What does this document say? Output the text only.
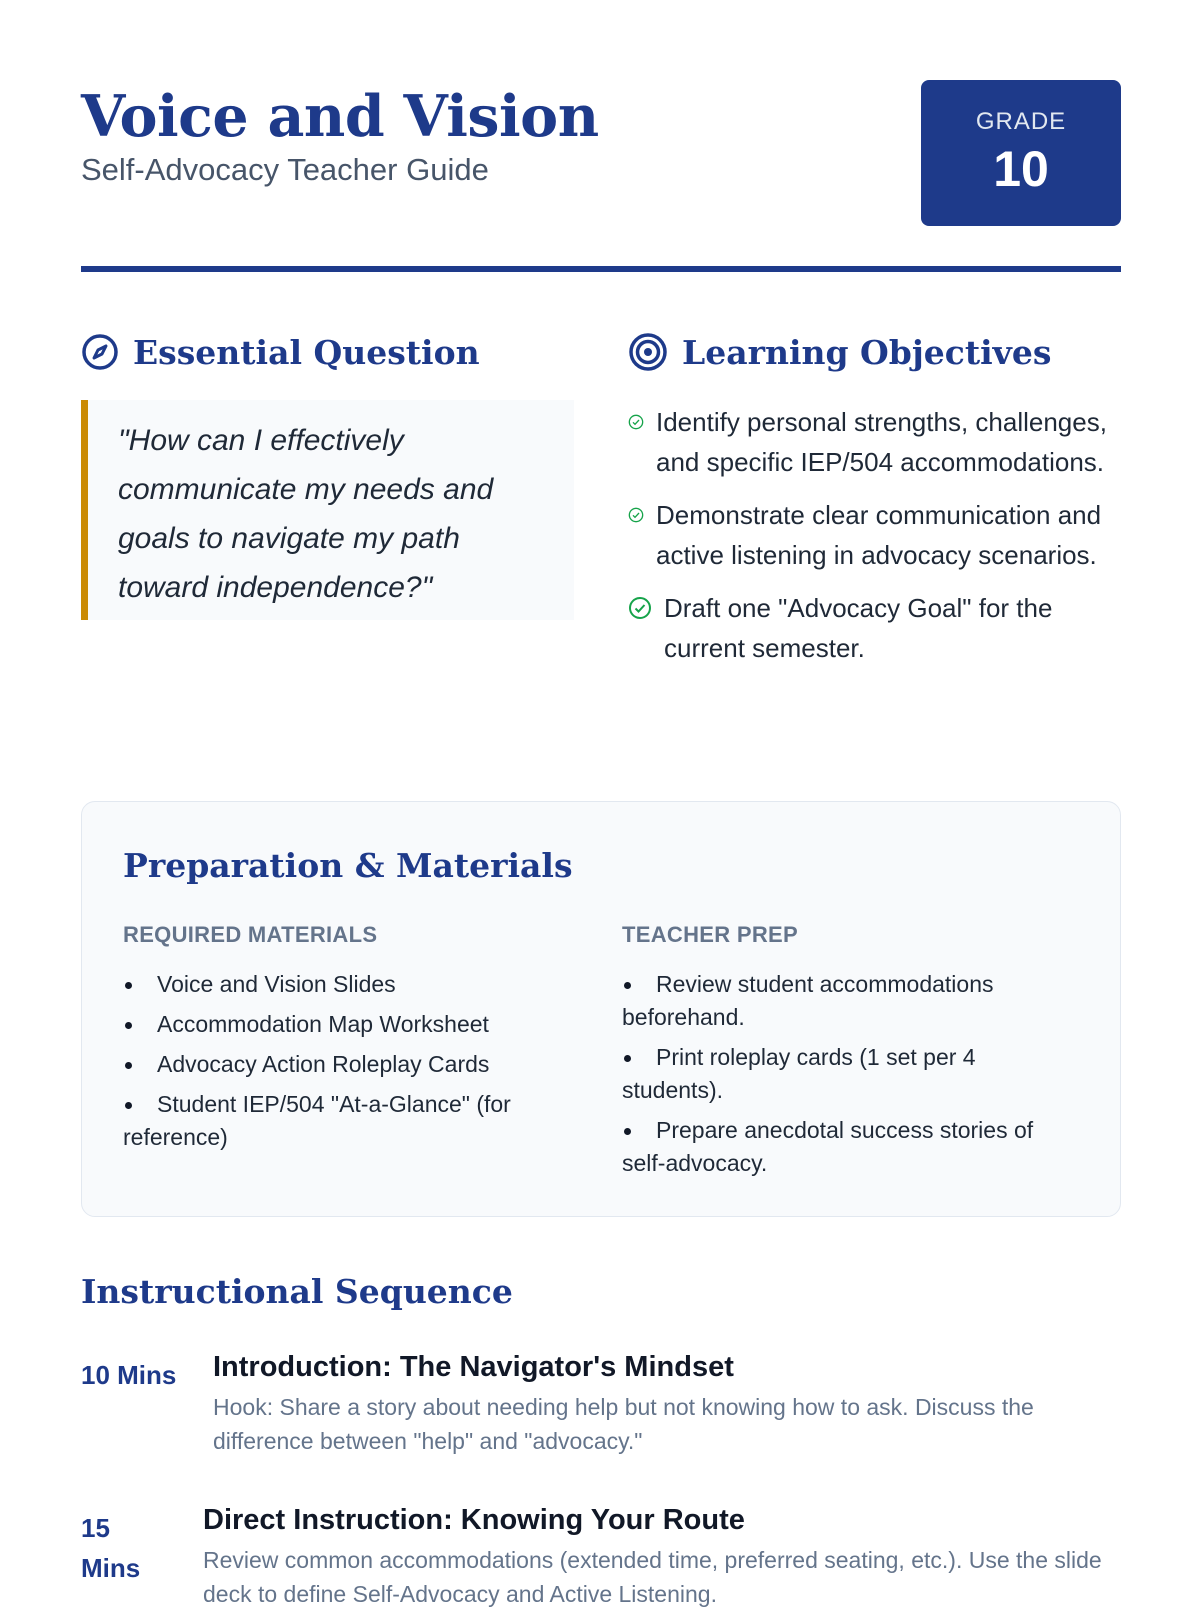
Voice and Vision
Self-Advocacy Teacher Guide
GRADE
10
Essential Question
"How can I effectively communicate my needs and goals to navigate my path toward independence?"
Learning Objectives
Identify personal strengths, challenges, and specific IEP/504 accommodations.
Demonstrate clear communication and active listening in advocacy scenarios.
Draft one "Advocacy Goal" for the current semester.
Preparation & Materials
REQUIRED MATERIALS
Voice and Vision Slides
Accommodation Map Worksheet
Advocacy Action Roleplay Cards
Student IEP/504 "At-a-Glance" (for reference)
TEACHER PREP
Review student accommodations beforehand.
Print roleplay cards (1 set per 4 students).
Prepare anecdotal success stories of self-advocacy.
Instructional Sequence
10 Mins Introduction: The Navigator's Mindset
Hook: Share a story about needing help but not knowing how to ask. Discuss the difference between "help" and "advocacy."
15 Mins
Direct Instruction: Knowing Your Route
Review common accommodations (extended time, preferred seating, etc.). Use the slide deck to define Self-Advocacy and Active Listening.
